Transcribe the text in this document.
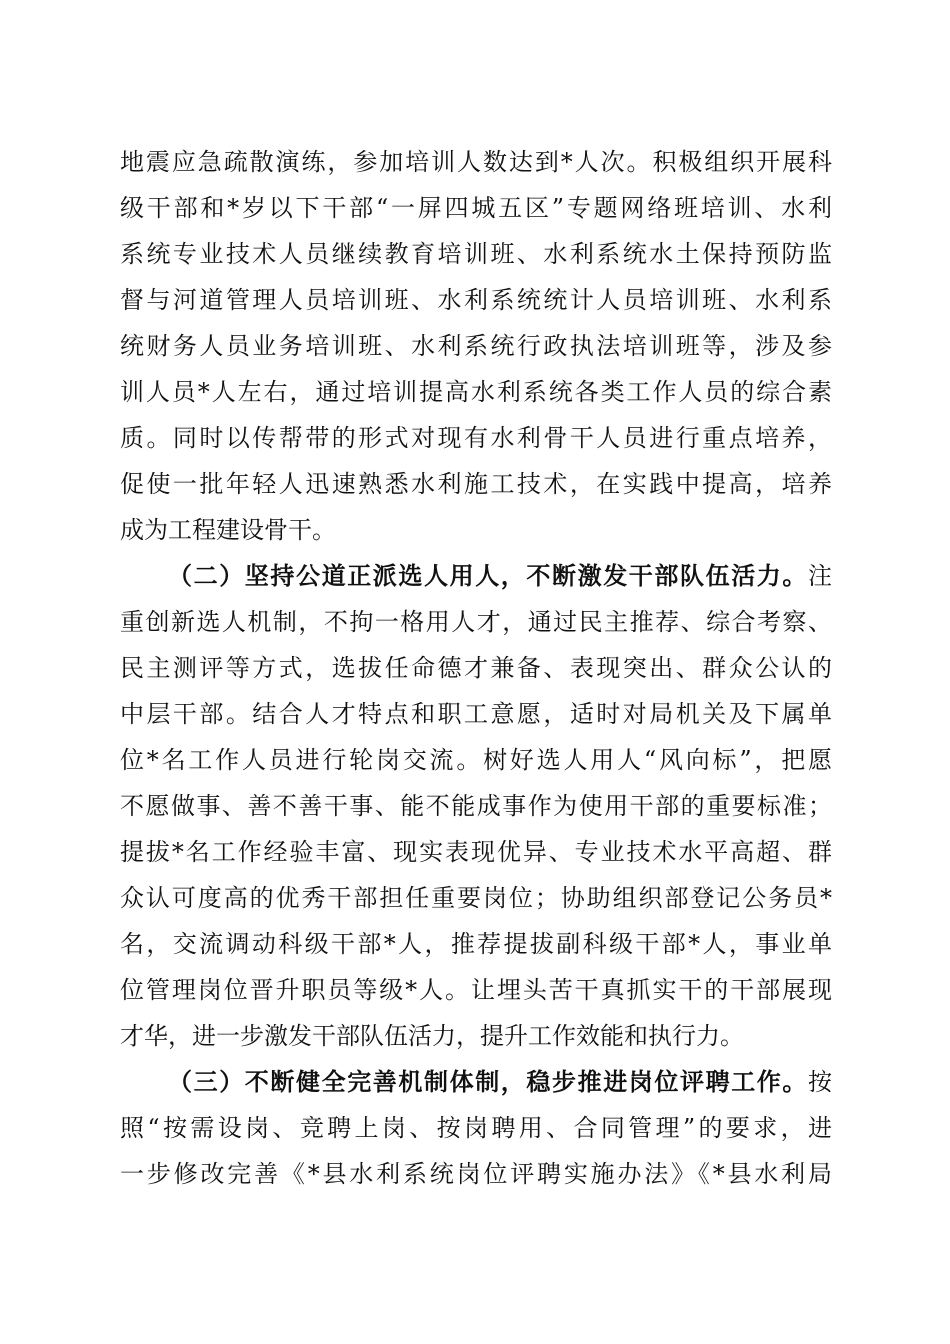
地震应急疏散演练，参加培训人数达到*人次。积极组织开展科
级干部和*岁以下干部“一屏四城五区”专题网络班培训、水利
系统专业技术人员继续教育培训班、水利系统水土保持预防监
督与河道管理人员培训班、水利系统统计人员培训班、水利系
统财务人员业务培训班、水利系统行政执法培训班等，涉及参
训人员*人左右，通过培训提高水利系统各类工作人员的综合素
质。同时以传帮带的形式对现有水利骨干人员进行重点培养，
促使一批年轻人迅速熟悉水利施工技术，在实践中提高，培养
成为工程建设骨干。
（二）坚持公道正派选人用人，不断激发干部队伍活力。注
重创新选人机制，不拘一格用人才，通过民主推荐、综合考察、
民主测评等方式，选拔任命德才兼备、表现突出、群众公认的
中层干部。结合人才特点和职工意愿，适时对局机关及下属单
位*名工作人员进行轮岗交流。树好选人用人“风向标”，把愿
不愿做事、善不善干事、能不能成事作为使用干部的重要标准；
提拔*名工作经验丰富、现实表现优异、专业技术水平高超、群
众认可度高的优秀干部担任重要岗位；协助组织部登记公务员*
名，交流调动科级干部*人，推荐提拔副科级干部*人，事业单
位管理岗位晋升职员等级*人。让埋头苦干真抓实干的干部展现
才华，进一步激发干部队伍活力，提升工作效能和执行力。
（三）不断健全完善机制体制，稳步推进岗位评聘工作。按
照“按需设岗、竞聘上岗、按岗聘用、合同管理”的要求，进
一步修改完善《*县水利系统岗位评聘实施办法》《*县水利局
